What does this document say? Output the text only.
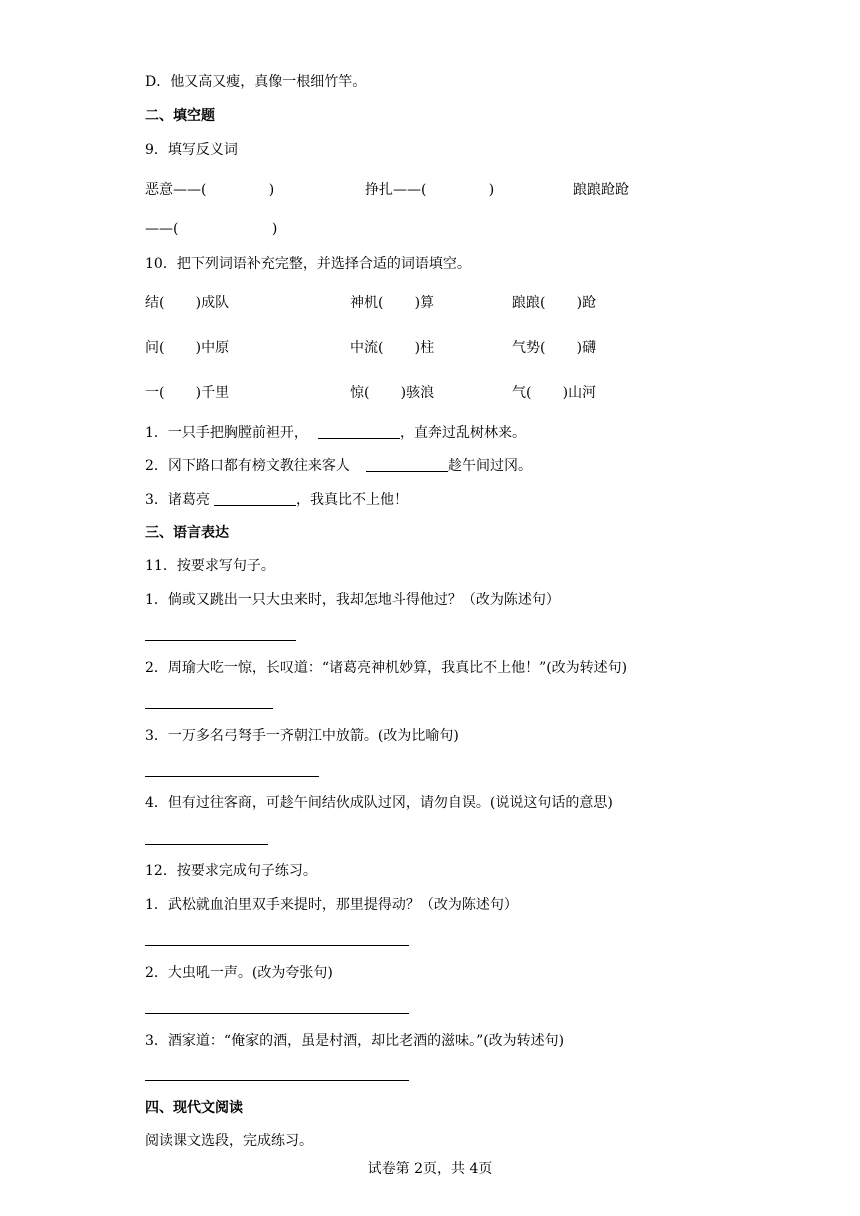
D．他又高又瘦，真像一根细竹竿。
二、填空题
9．填写反义词
恶意——(              )	挣扎——(              )	踉踉跄跄
——(                     )
10．把下列词语补充完整，并选择合适的词语填空。
结(       )成队	神机(       )算	踉踉(       )跄
问(       )中原	中流(       )柱	气势(       )礴
一(       )千里	惊(       )骇浪	气(       )山河
1．一只手把胸膛前袒开，	，直奔过乱树林来。
2．冈下路口都有榜文教往来客人	趁午间过冈。
3．诸葛亮	，我真比不上他！
三、语言表达
11．按要求写句子。
1．倘或又跳出一只大虫来时，我却怎地斗得他过？（改为陈述句）
2．周瑜大吃一惊，长叹道：“诸葛亮神机妙算，我真比不上他！”(改为转述句)
3．一万多名弓弩手一齐朝江中放箭。(改为比喻句)
4．但有过往客商，可趁午间结伙成队过冈，请勿自误。(说说这句话的意思)
12．按要求完成句子练习。
1．武松就血泊里双手来提时，那里提得动？（改为陈述句）
2．大虫吼一声。(改为夸张句)
3．酒家道：“俺家的酒，虽是村酒，却比老酒的滋味。”(改为转述句)
四、现代文阅读
阅读课文选段，完成练习。
试卷第 2页，共 4页
